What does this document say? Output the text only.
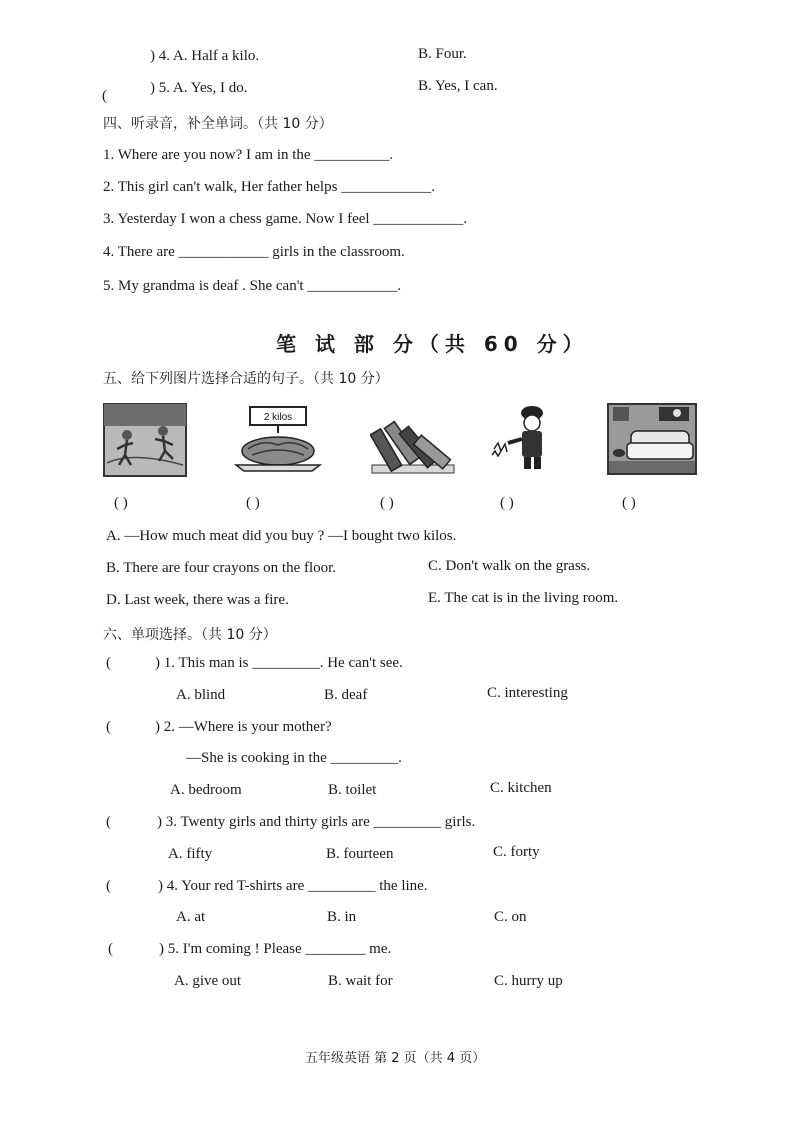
) 4. A. Half a kilo.	B. Four.
(	) 5. A. Yes, I do.	B. Yes, I can.
四、听录音，补全单词。（共 10 分）
1. Where are you now? I am in the __________.
2. This girl can't walk, Her father helps ____________.
3. Yesterday I won a chess game. Now I feel ____________.
4. There are ____________ girls in the classroom.
5. My grandma is deaf . She can't ____________.
笔 试 部 分（共 60 分）
五、给下列图片选择合适的句子。（共 10 分）
2 kilos
( )	( )	( )	( )	( )
A. —How much meat did you buy ? —I bought two kilos.
B. There are four crayons on the floor.	C. Don't walk on the grass.
D. Last week, there was a fire.	E. The cat is in the living room.
六、单项选择。（共 10 分）
(	) 1. This man is _________. He can't see.
A. blind	B. deaf	C. interesting
(	) 2. —Where is your mother?
—She is cooking in the _________.
A. bedroom	B. toilet	C. kitchen
(	) 3. Twenty girls and thirty girls are _________ girls.
A. fifty	B. fourteen	C. forty
(	) 4. Your red T-shirts are _________ the line.
A. at	B. in	C. on
(	) 5. I'm coming ! Please ________ me.
A. give out	B. wait for	C. hurry up
五年级英语 第 2 页（共 4 页）
